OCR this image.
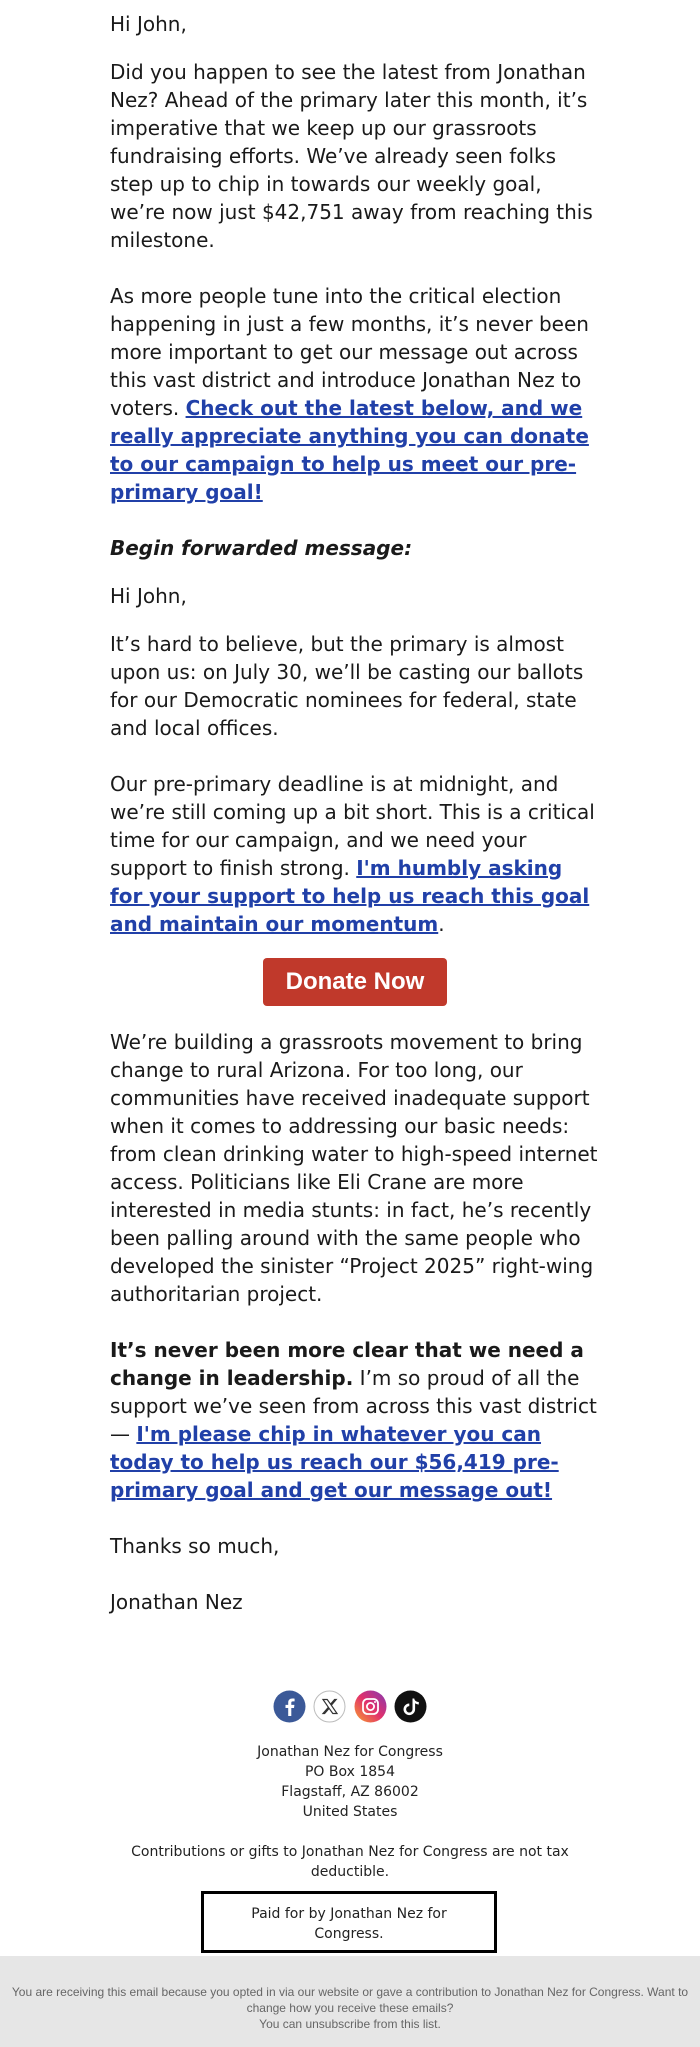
Hi John,

Did you happen to see the latest from Jonathan Nez? Ahead of the primary later this month, it’s imperative that we keep up our grassroots fundraising efforts. We’ve already seen folks step up to chip in towards our weekly goal, we’re now just $42,751 away from reaching this milestone.

As more people tune into the critical election happening in just a few months, it’s never been more important to get our message out across this vast district and introduce Jonathan Nez to voters. Check out the latest below, and we really appreciate anything you can donate to our campaign to help us meet our pre-primary goal!

Begin forwarded message:

Hi John,

It’s hard to believe, but the primary is almost upon us: on July 30, we’ll be casting our ballots for our Democratic nominees for federal, state and local offices.

Our pre-primary deadline is at midnight, and we’re still coming up a bit short. This is a critical time for our campaign, and we need your support to finish strong. I'm humbly asking for your support to help us reach this goal and maintain our momentum.

Donate Now

We’re building a grassroots movement to bring change to rural Arizona. For too long, our communities have received inadequate support when it comes to addressing our basic needs: from clean drinking water to high-speed internet access. Politicians like Eli Crane are more interested in media stunts: in fact, he’s recently been palling around with the same people who developed the sinister “Project 2025” right-wing authoritarian project.

It’s never been more clear that we need a change in leadership. I’m so proud of all the support we’ve seen from across this vast district — I'm please chip in whatever you can today to help us reach our $56,419 pre-primary goal and get our message out!

Thanks so much,

Jonathan Nez

Jonathan Nez for Congress
PO Box 1854
Flagstaff, AZ 86002
United States
Contributions or gifts to Jonathan Nez for Congress are not tax deductible.
Paid for by Jonathan Nez for Congress.
You are receiving this email because you opted in via our website or gave a contribution to Jonathan Nez for Congress. Want to change how you receive these emails?
You can unsubscribe from this list.
